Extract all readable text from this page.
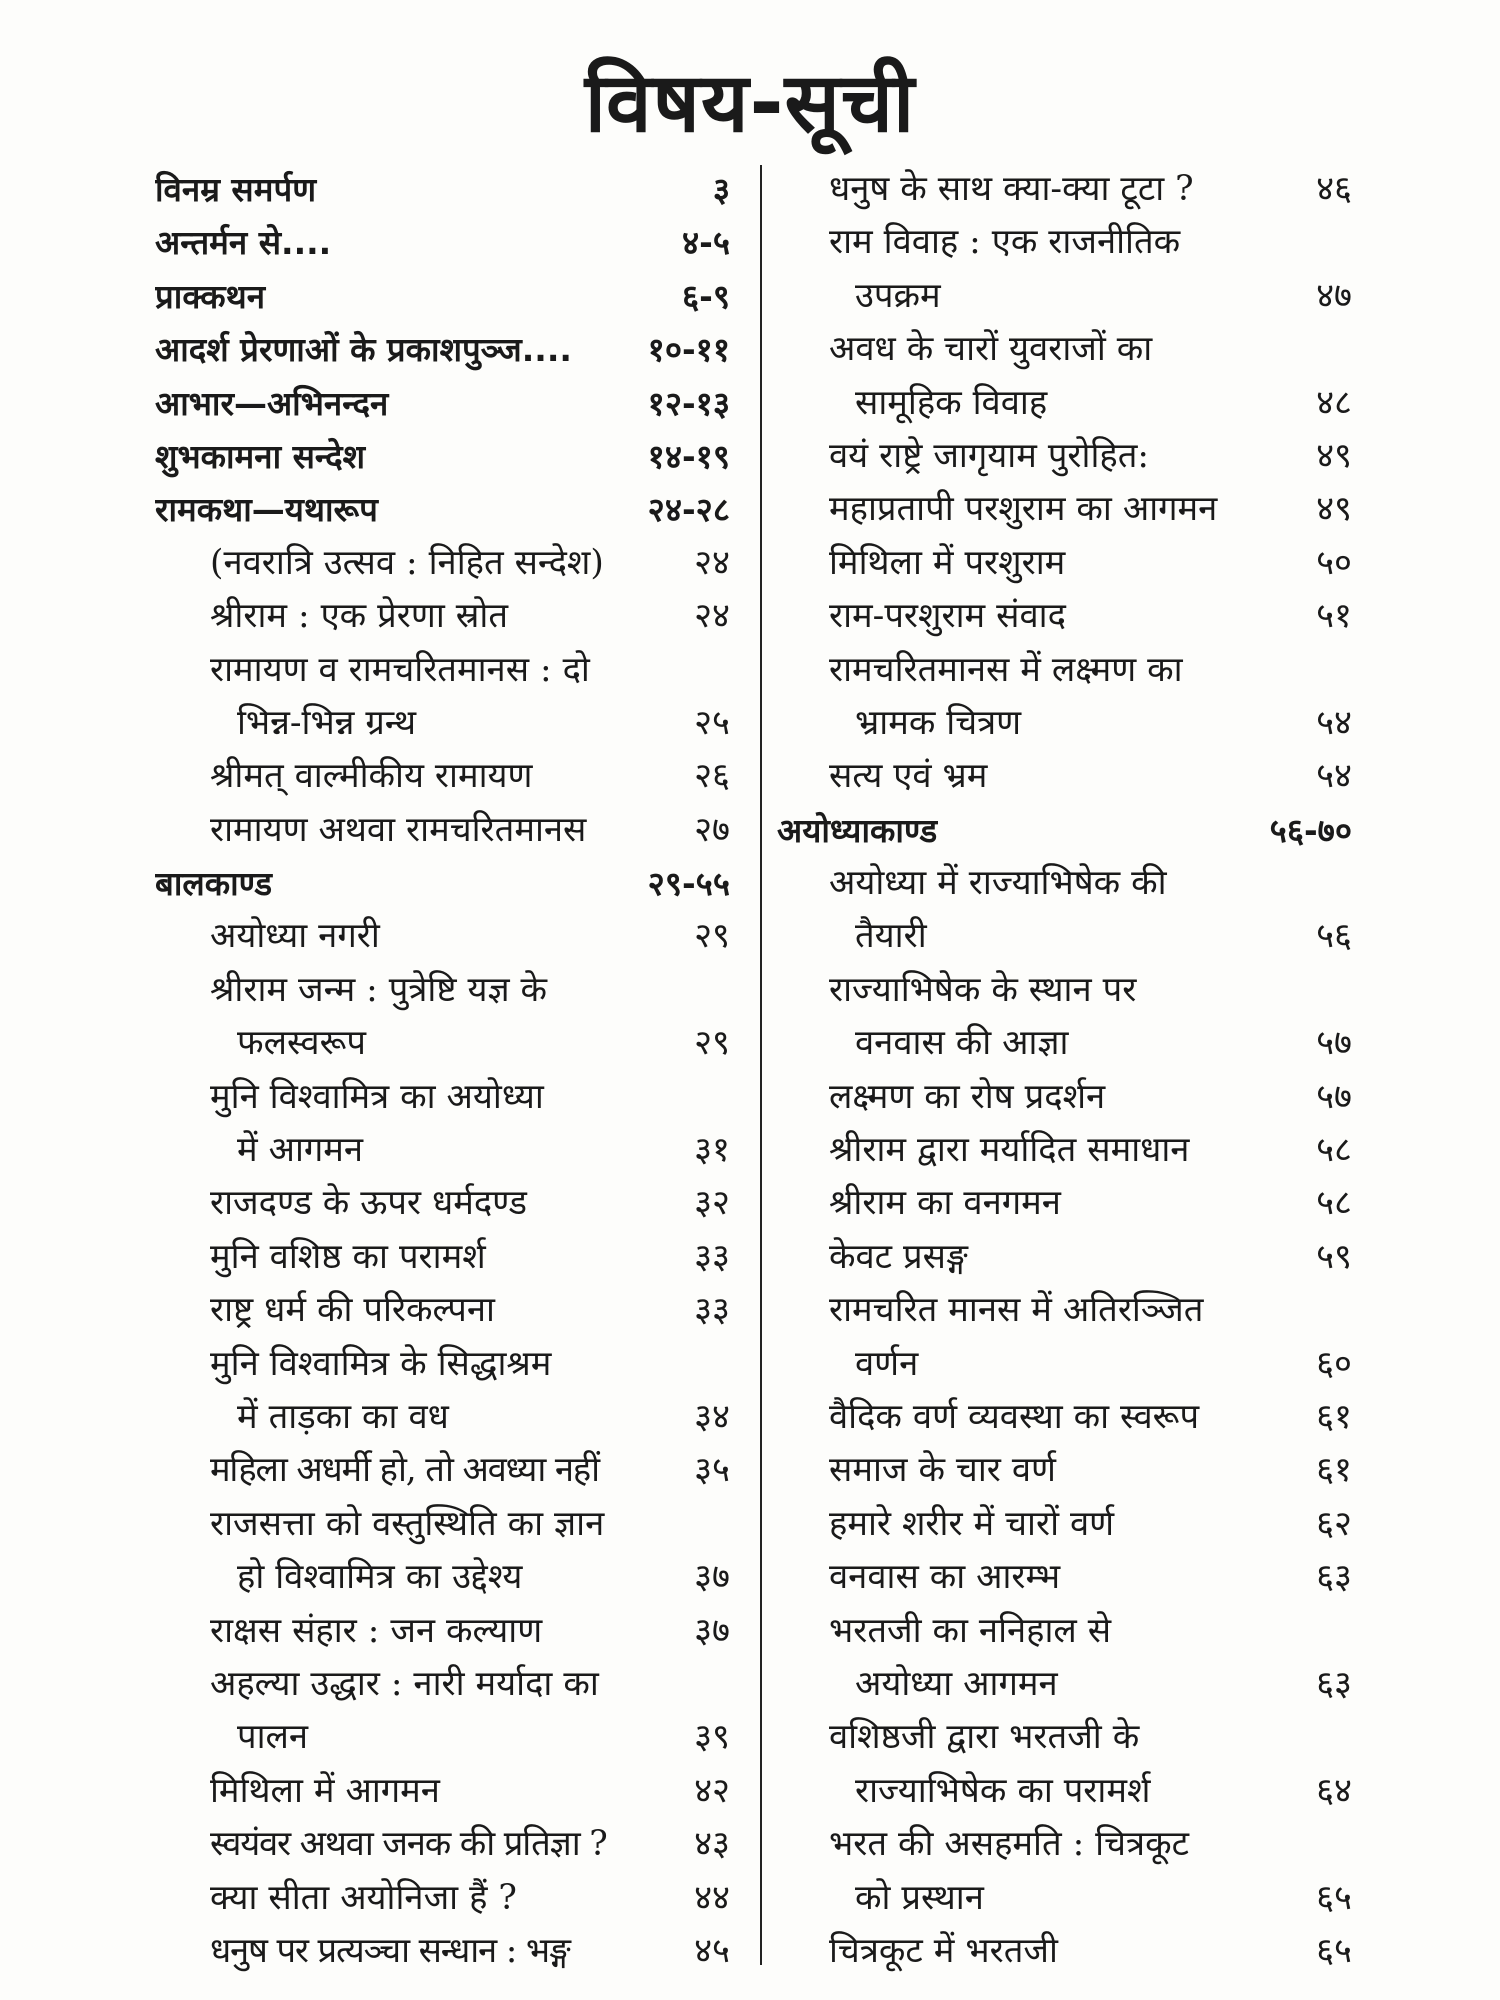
विषय-सूची
विनम्र समर्पण	३
अन्तर्मन से....	४-५
प्राक्कथन	६-९
आदर्श प्रेरणाओं के प्रकाशपुञ्ज....	१०-११
आभार—अभिनन्दन	१२-१३
शुभकामना सन्देश	१४-१९
रामकथा—यथारूप	२४-२८
(नवरात्रि उत्सव : निहित सन्देश)	२४
श्रीराम : एक प्रेरणा स्रोत	२४
रामायण व रामचरितमानस : दो
भिन्न-भिन्न ग्रन्थ	२५
श्रीमत् वाल्मीकीय रामायण	२६
रामायण अथवा रामचरितमानस	२७
बालकाण्ड	२९-५५
अयोध्या नगरी	२९
श्रीराम जन्म : पुत्रेष्टि यज्ञ के
फलस्वरूप	२९
मुनि विश्वामित्र का अयोध्या
में आगमन	३१
राजदण्ड के ऊपर धर्मदण्ड	३२
मुनि वशिष्ठ का परामर्श	३३
राष्ट्र धर्म की परिकल्पना	३३
मुनि विश्वामित्र के सिद्धाश्रम
में ताड़का का वध	३४
महिला अधर्मी हो, तो अवध्या नहीं	३५
राजसत्ता को वस्तुस्थिति का ज्ञान
हो विश्वामित्र का उद्देश्य	३७
राक्षस संहार : जन कल्याण	३७
अहल्या उद्धार : नारी मर्यादा का
पालन	३९
मिथिला में आगमन	४२
स्वयंवर अथवा जनक की प्रतिज्ञा ?	४३
क्या सीता अयोनिजा हैं ?	४४
धनुष पर प्रत्यञ्चा सन्धान : भङ्ग	४५
धनुष के साथ क्या-क्या टूटा ?	४६
राम विवाह : एक राजनीतिक
उपक्रम	४७
अवध के चारों युवराजों का
सामूहिक विवाह	४८
वयं राष्ट्रे जागृयाम पुरोहित:	४९
महाप्रतापी परशुराम का आगमन	४९
मिथिला में परशुराम	५०
राम-परशुराम संवाद	५१
रामचरितमानस में लक्ष्मण का
भ्रामक चित्रण	५४
सत्य एवं भ्रम	५४
अयोध्याकाण्ड	५६-७०
अयोध्या में राज्याभिषेक की
तैयारी	५६
राज्याभिषेक के स्थान पर
वनवास की आज्ञा	५७
लक्ष्मण का रोष प्रदर्शन	५७
श्रीराम द्वारा मर्यादित समाधान	५८
श्रीराम का वनगमन	५८
केवट प्रसङ्ग	५९
रामचरित मानस में अतिरञ्जित
वर्णन	६०
वैदिक वर्ण व्यवस्था का स्वरूप	६१
समाज के चार वर्ण	६१
हमारे शरीर में चारों वर्ण	६२
वनवास का आरम्भ	६३
भरतजी का ननिहाल से
अयोध्या आगमन	६३
वशिष्ठजी द्वारा भरतजी के
राज्याभिषेक का परामर्श	६४
भरत की असहमति : चित्रकूट
को प्रस्थान	६५
चित्रकूट में भरतजी	६५
